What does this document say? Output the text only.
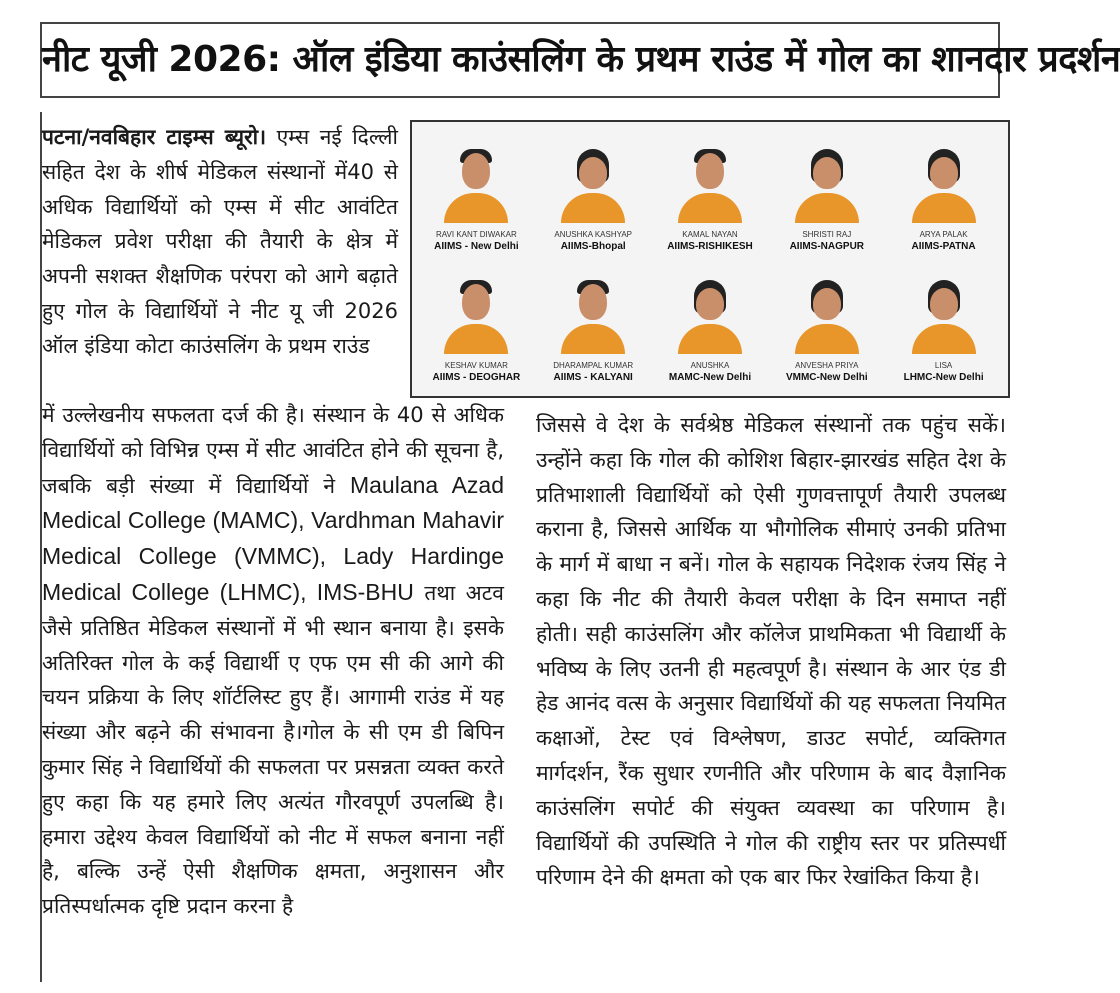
नीट यूजी 2026: ऑल इंडिया काउंसलिंग के प्रथम राउंड में गोल का शानदार प्रदर्शन
पटना/नवबिहार टाइम्स ब्यूरो। एम्स नई दिल्ली सहित देश के शीर्ष मेडिकल संस्थानों में40 से अधिक विद्यार्थियों को एम्स में सीट आवंटित मेडिकल प्रवेश परीक्षा की तैयारी के क्षेत्र में अपनी सशक्त शैक्षणिक परंपरा को आगे बढ़ाते हुए गोल के विद्यार्थियों ने नीट यू जी 2026 ऑल इंडिया कोटा काउंसलिंग के प्रथम राउंड
RAVI KANT DIWAKAR
AIIMS - New Delhi
ANUSHKA KASHYAP
AIIMS-Bhopal
KAMAL NAYAN
AIIMS-RISHIKESH
SHRISTI RAJ
AIIMS-NAGPUR
ARYA PALAK
AIIMS-PATNA
KESHAV KUMAR
AIIMS - DEOGHAR
DHARAMPAL KUMAR
AIIMS - KALYANI
ANUSHKA
MAMC-New Delhi
ANVESHA PRIYA
VMMC-New Delhi
LISA
LHMC-New Delhi
में उल्लेखनीय सफलता दर्ज की है। संस्थान के 40 से अधिक विद्यार्थियों को विभिन्न एम्स में सीट आवंटित होने की सूचना है, जबकि बड़ी संख्या में विद्यार्थियों ने Maulana Azad Medical College (MAMC), Vardhman Mahavir Medical College (VMMC), Lady Hardinge Medical College (LHMC), IMS-BHU तथा अटव जैसे प्रतिष्ठित मेडिकल संस्थानों में भी स्थान बनाया है। इसके अतिरिक्त गोल के कई विद्यार्थी ए एफ एम सी की आगे की चयन प्रक्रिया के लिए शॉर्टलिस्ट हुए हैं। आगामी राउंड में यह संख्या और बढ़ने की संभावना है।गोल के सी एम डी बिपिन कुमार सिंह ने विद्यार्थियों की सफलता पर प्रसन्नता व्यक्त करते हुए कहा कि यह हमारे लिए अत्यंत गौरवपूर्ण उपलब्धि है। हमारा उद्देश्य केवल विद्यार्थियों को नीट में सफल बनाना नहीं है, बल्कि उन्हें ऐसी शैक्षणिक क्षमता, अनुशासन और प्रतिस्पर्धात्मक दृष्टि प्रदान करना है
जिससे वे देश के सर्वश्रेष्ठ मेडिकल संस्थानों तक पहुंच सकें। उन्होंने कहा कि गोल की कोशिश बिहार-झारखंड सहित देश के प्रतिभाशाली विद्यार्थियों को ऐसी गुणवत्तापूर्ण तैयारी उपलब्ध कराना है, जिससे आर्थिक या भौगोलिक सीमाएं उनकी प्रतिभा के मार्ग में बाधा न बनें। गोल के सहायक निदेशक रंजय सिंह ने कहा कि नीट की तैयारी केवल परीक्षा के दिन समाप्त नहीं होती। सही काउंसलिंग और कॉलेज प्राथमिकता भी विद्यार्थी के भविष्य के लिए उतनी ही महत्वपूर्ण है। संस्थान के आर एंड डी हेड आनंद वत्स के अनुसार विद्यार्थियों की यह सफलता नियमित कक्षाओं, टेस्ट एवं विश्लेषण, डाउट सपोर्ट, व्यक्तिगत मार्गदर्शन, रैंक सुधार रणनीति और परिणाम के बाद वैज्ञानिक काउंसलिंग सपोर्ट की संयुक्त व्यवस्था का परिणाम है। विद्यार्थियों की उपस्थिति ने गोल की राष्ट्रीय स्तर पर प्रतिस्पर्धी परिणाम देने की क्षमता को एक बार फिर रेखांकित किया है।
